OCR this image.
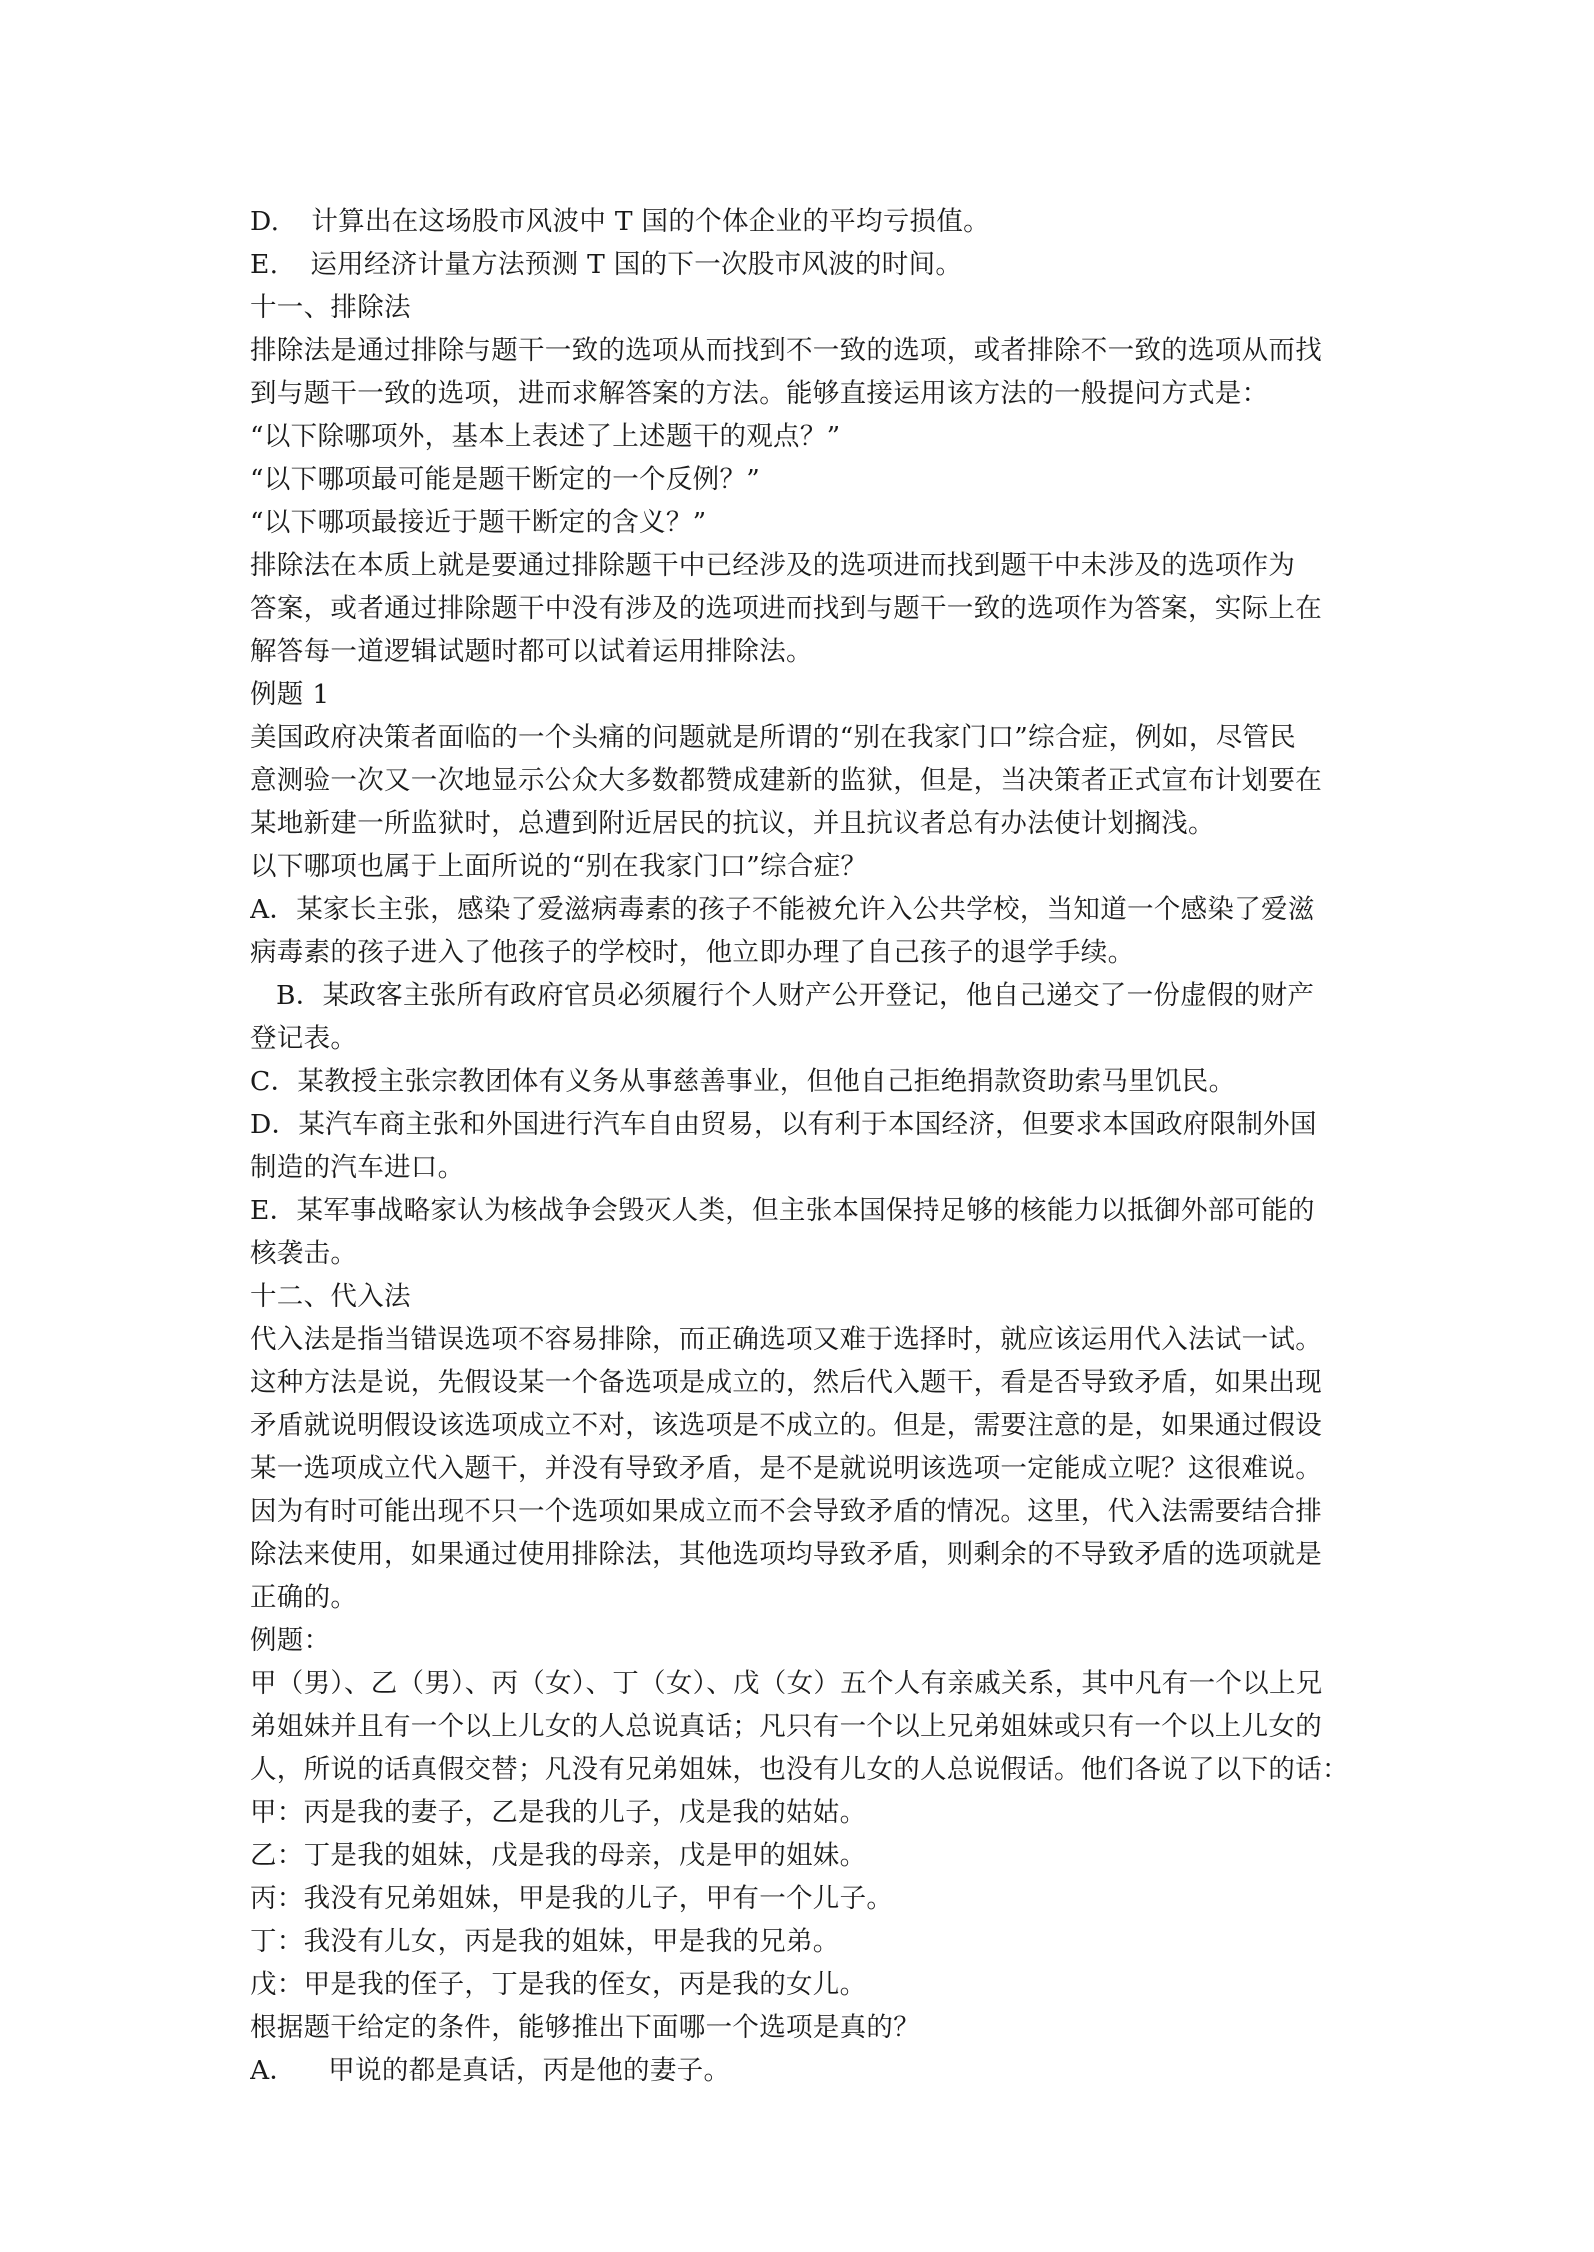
D. 计算出在这场股市风波中 T 国的个体企业的平均亏损值。
E. 运用经济计量方法预测 T 国的下一次股市风波的时间。
十一、排除法
排除法是通过排除与题干一致的选项从而找到不一致的选项，或者排除不一致的选项从而找
到与题干一致的选项，进而求解答案的方法。能够直接运用该方法的一般提问方式是：
“以下除哪项外，基本上表述了上述题干的观点？”
“以下哪项最可能是题干断定的一个反例？”
“以下哪项最接近于题干断定的含义？”
排除法在本质上就是要通过排除题干中已经涉及的选项进而找到题干中未涉及的选项作为
答案，或者通过排除题干中没有涉及的选项进而找到与题干一致的选项作为答案，实际上在
解答每一道逻辑试题时都可以试着运用排除法。
例题 1
美国政府决策者面临的一个头痛的问题就是所谓的“别在我家门口”综合症，例如，尽管民
意测验一次又一次地显示公众大多数都赞成建新的监狱，但是，当决策者正式宣布计划要在
某地新建一所监狱时，总遭到附近居民的抗议，并且抗议者总有办法使计划搁浅。
以下哪项也属于上面所说的“别在我家门口”综合症？
A．某家长主张，感染了爱滋病毒素的孩子不能被允许入公共学校，当知道一个感染了爱滋
病毒素的孩子进入了他孩子的学校时，他立即办理了自己孩子的退学手续。
B．某政客主张所有政府官员必须履行个人财产公开登记，他自己递交了一份虚假的财产
登记表。
C．某教授主张宗教团体有义务从事慈善事业，但他自己拒绝捐款资助索马里饥民。
D．某汽车商主张和外国进行汽车自由贸易，以有利于本国经济，但要求本国政府限制外国
制造的汽车进口。
E．某军事战略家认为核战争会毁灭人类，但主张本国保持足够的核能力以抵御外部可能的
核袭击。
十二、代入法
代入法是指当错误选项不容易排除，而正确选项又难于选择时，就应该运用代入法试一试。
这种方法是说，先假设某一个备选项是成立的，然后代入题干，看是否导致矛盾，如果出现
矛盾就说明假设该选项成立不对，该选项是不成立的。但是，需要注意的是，如果通过假设
某一选项成立代入题干，并没有导致矛盾，是不是就说明该选项一定能成立呢？这很难说。
因为有时可能出现不只一个选项如果成立而不会导致矛盾的情况。这里，代入法需要结合排
除法来使用，如果通过使用排除法，其他选项均导致矛盾，则剩余的不导致矛盾的选项就是
正确的。
例题：
甲（男）、乙（男）、丙（女）、丁（女）、戊（女）五个人有亲戚关系，其中凡有一个以上兄
弟姐妹并且有一个以上儿女的人总说真话；凡只有一个以上兄弟姐妹或只有一个以上儿女的
人，所说的话真假交替；凡没有兄弟姐妹，也没有儿女的人总说假话。他们各说了以下的话：
甲：丙是我的妻子，乙是我的儿子，戊是我的姑姑。
乙：丁是我的姐妹，戊是我的母亲，戊是甲的姐妹。
丙：我没有兄弟姐妹，甲是我的儿子，甲有一个儿子。
丁：我没有儿女，丙是我的姐妹，甲是我的兄弟。
戊：甲是我的侄子，丁是我的侄女，丙是我的女儿。
根据题干给定的条件，能够推出下面哪一个选项是真的？
A． 甲说的都是真话，丙是他的妻子。
